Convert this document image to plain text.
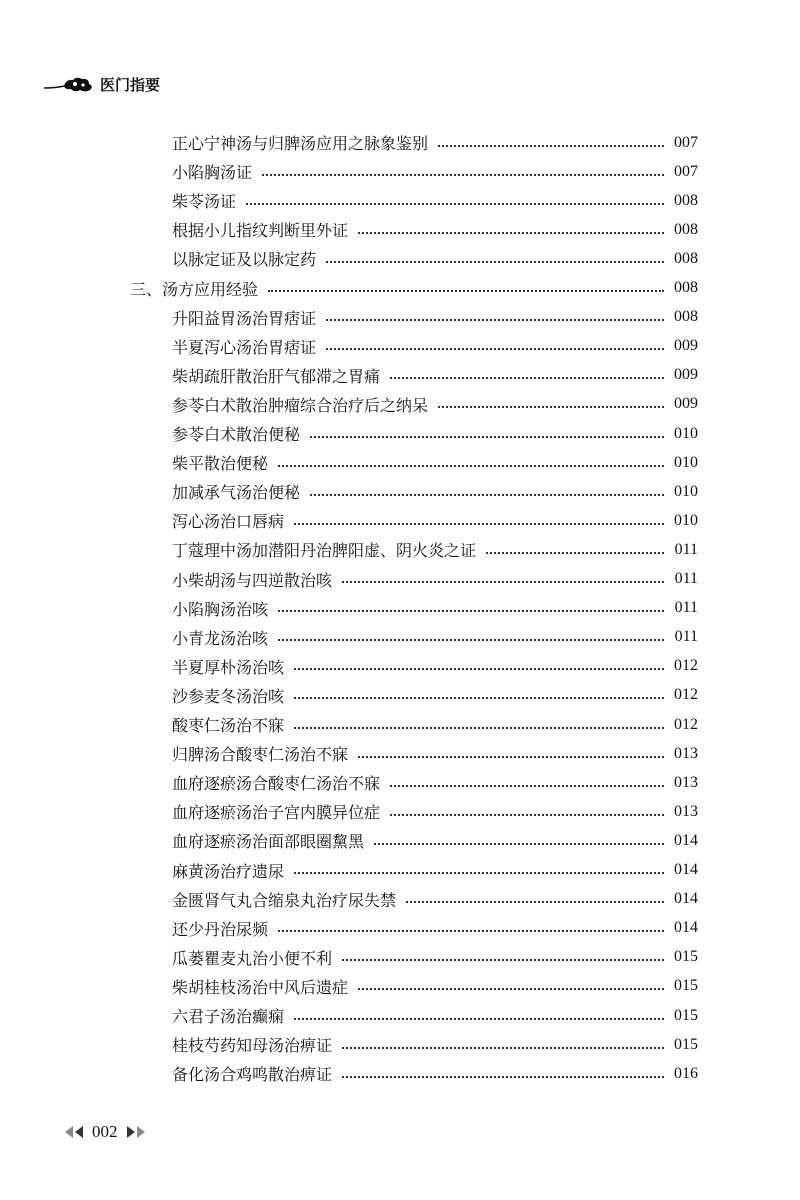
医门指要
正心宁神汤与归脾汤应用之脉象鉴别	007
小陷胸汤证	007
柴苓汤证	008
根据小儿指纹判断里外证	008
以脉定证及以脉定药	008
三、汤方应用经验	008
升阳益胃汤治胃痞证	008
半夏泻心汤治胃痞证	009
柴胡疏肝散治肝气郁滞之胃痛	009
参苓白术散治肿瘤综合治疗后之纳呆	009
参苓白术散治便秘	010
柴平散治便秘	010
加减承气汤治便秘	010
泻心汤治口唇病	010
丁蔻理中汤加潜阳丹治脾阳虚、阴火炎之证	011
小柴胡汤与四逆散治咳	011
小陷胸汤治咳	011
小青龙汤治咳	011
半夏厚朴汤治咳	012
沙参麦冬汤治咳	012
酸枣仁汤治不寐	012
归脾汤合酸枣仁汤治不寐	013
血府逐瘀汤合酸枣仁汤治不寐	013
血府逐瘀汤治子宫内膜异位症	013
血府逐瘀汤治面部眼圈黧黑	014
麻黄汤治疗遗尿	014
金匮肾气丸合缩泉丸治疗尿失禁	014
还少丹治尿频	014
瓜蒌瞿麦丸治小便不利	015
柴胡桂枝汤治中风后遗症	015
六君子汤治癫痫	015
桂枝芍药知母汤治痹证	015
备化汤合鸡鸣散治痹证	016
002
